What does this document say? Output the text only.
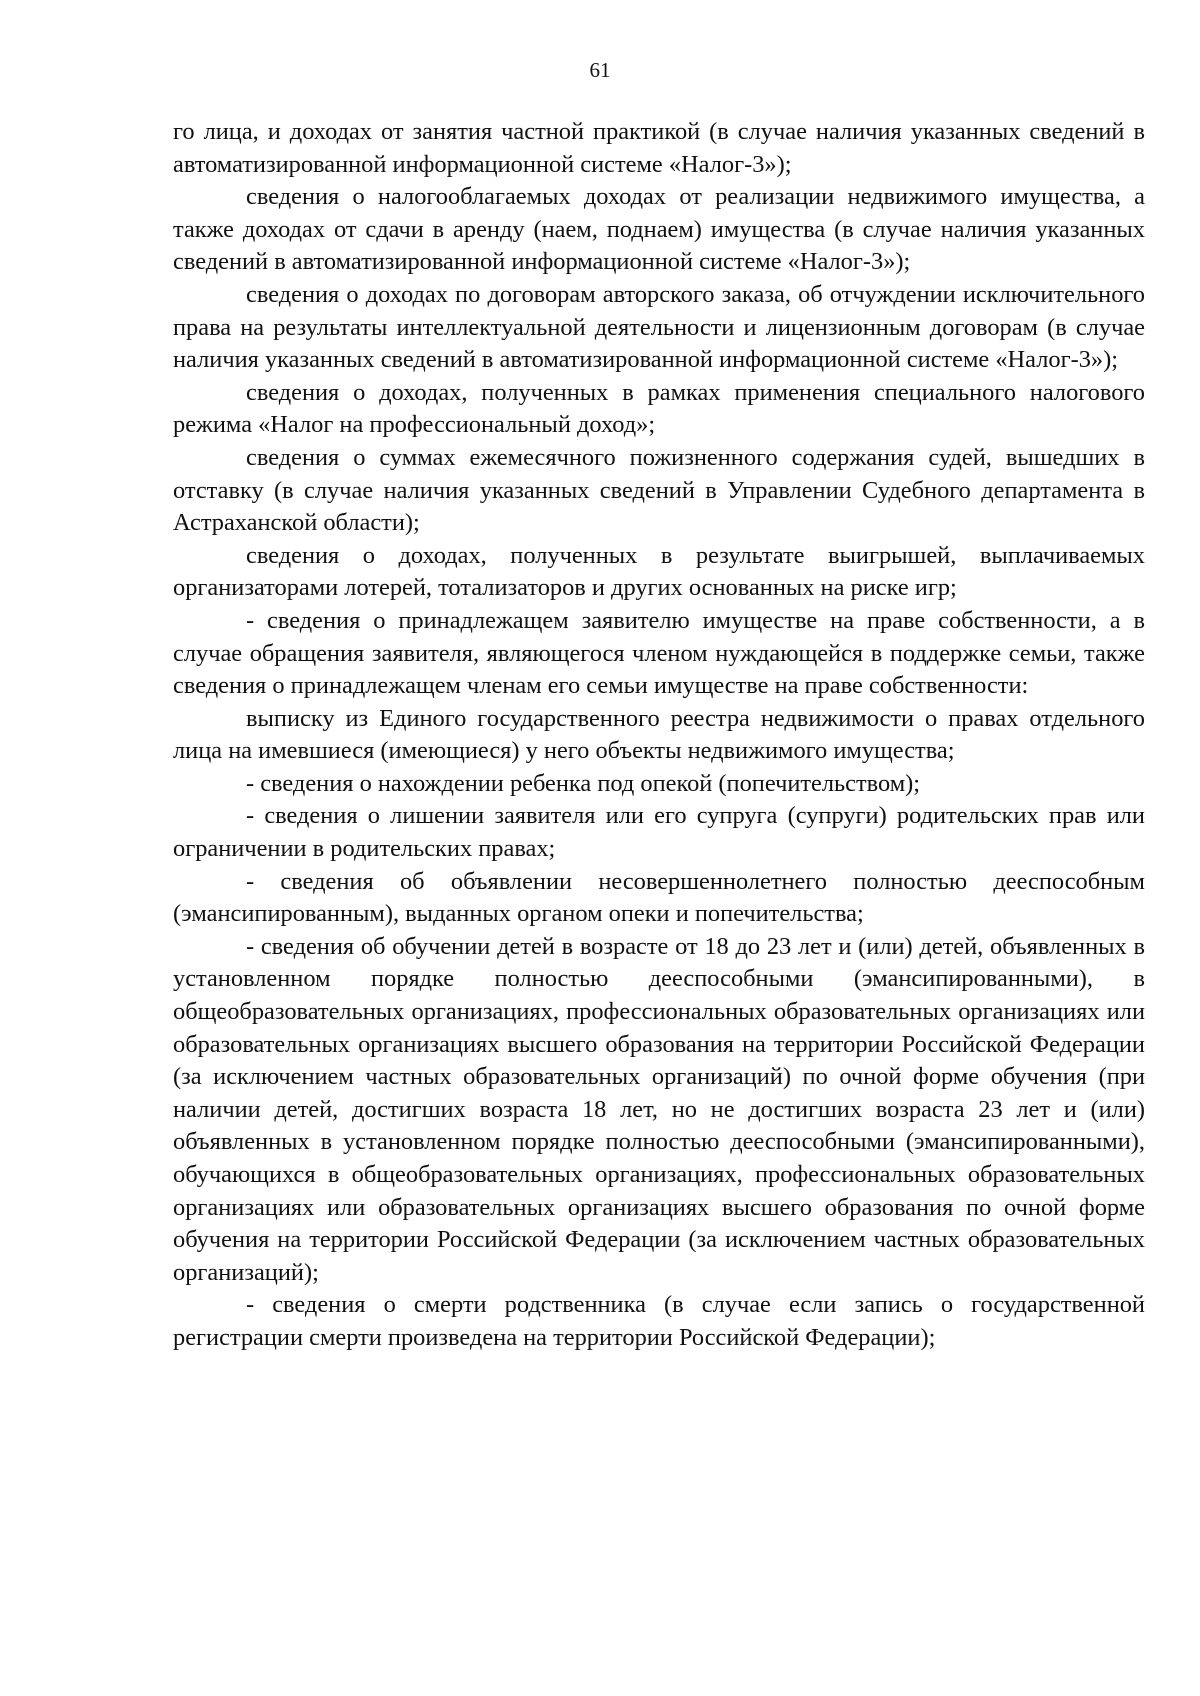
61

го лица, и доходах от занятия частной практикой (в случае наличия указанных сведений в автоматизированной информационной системе «Налог-3»);

сведения о налогооблагаемых доходах от реализации недвижимого имущества, а также доходах от сдачи в аренду (наем, поднаем) имущества (в случае наличия указанных сведений в автоматизированной информационной системе «Налог-3»);

сведения о доходах по договорам авторского заказа, об отчуждении исключительного права на результаты интеллектуальной деятельности и лицензионным договорам (в случае наличия указанных сведений в автоматизированной информационной системе «Налог-3»);

сведения о доходах, полученных в рамках применения специального налогового режима «Налог на профессиональный доход»;

сведения о суммах ежемесячного пожизненного содержания судей, вышедших в отставку (в случае наличия указанных сведений в Управлении Судебного департамента в Астраханской области);

сведения о доходах, полученных в результате выигрышей, выплачиваемых организаторами лотерей, тотализаторов и других основанных на риске игр;

- сведения о принадлежащем заявителю имуществе на праве собственности, а в случае обращения заявителя, являющегося членом нуждающейся в поддержке семьи, также сведения о принадлежащем членам его семьи имуществе на праве собственности:

выписку из Единого государственного реестра недвижимости о правах отдельного лица на имевшиеся (имеющиеся) у него объекты недвижимого имущества;

- сведения о нахождении ребенка под опекой (попечительством);

- сведения о лишении заявителя или его супруга (супруги) родительских прав или ограничении в родительских правах;

- сведения об объявлении несовершеннолетнего полностью дееспособным (эмансипированным), выданных органом опеки и попечительства;

- сведения об обучении детей в возрасте от 18 до 23 лет и (или) детей, объявленных в установленном порядке полностью дееспособными (эмансипированными), в общеобразовательных организациях, профессиональных образовательных организациях или образовательных организациях высшего образования на территории Российской Федерации (за исключением частных образовательных организаций) по очной форме обучения (при наличии детей, достигших возраста 18 лет, но не достигших возраста 23 лет и (или) объявленных в установленном порядке полностью дееспособными (эмансипированными), обучающихся в общеобразовательных организациях, профессиональных образовательных организациях или образовательных организациях высшего образования по очной форме обучения на территории Российской Федерации (за исключением частных образовательных организаций);

- сведения о смерти родственника (в случае если запись о государственной регистрации смерти произведена на территории Российской Федерации);
